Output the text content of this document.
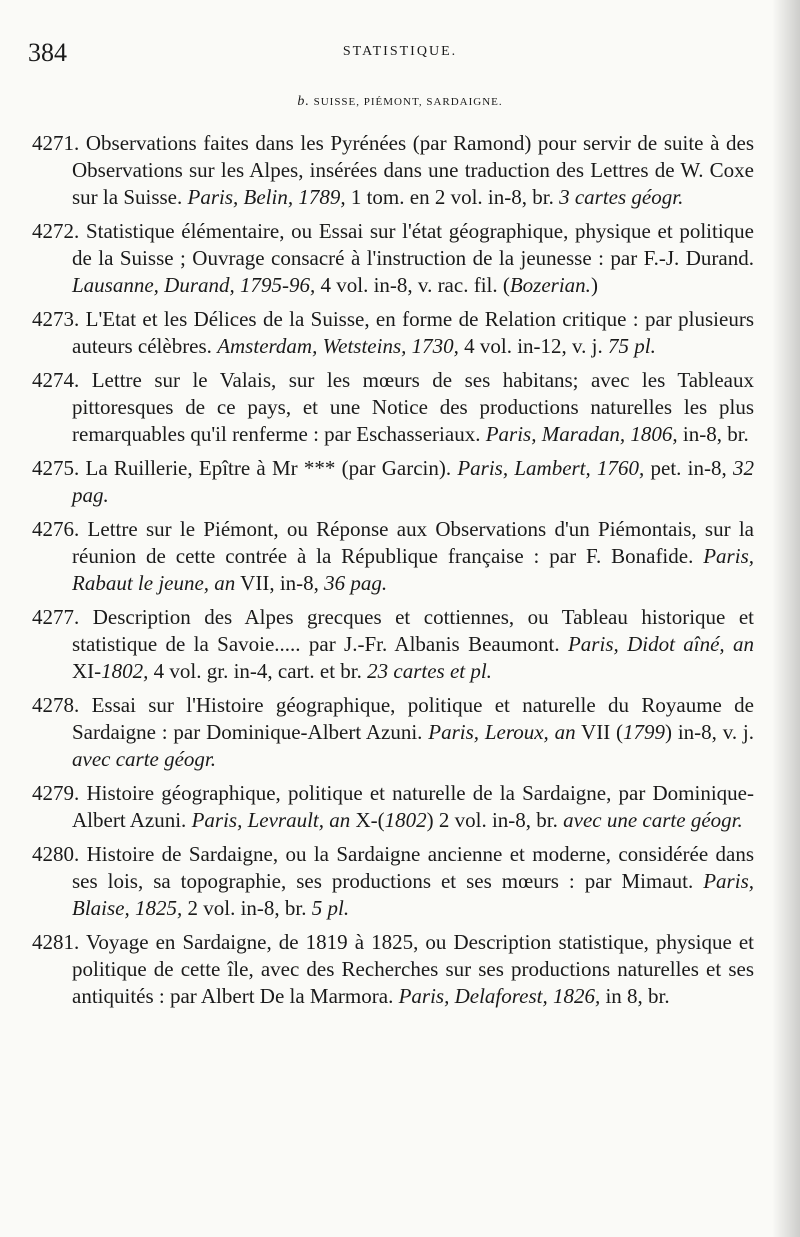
384	STATISTIQUE.
b. SUISSE, PIÉMONT, SARDAIGNE.

4271. Observations faites dans les Pyrénées (par Ramond) pour servir de suite à des Observations sur les Alpes, insérées dans une traduction des Lettres de W. Coxe sur la Suisse. Paris, Belin, 1789, 1 tom. en 2 vol. in-8, br. 3 cartes géogr.

4272. Statistique élémentaire, ou Essai sur l'état géographique, physique et politique de la Suisse ; Ouvrage consacré à l'instruction de la jeunesse : par F.-J. Durand. Lausanne, Durand, 1795-96, 4 vol. in-8, v. rac. fil. (Bozerian.)

4273. L'Etat et les Délices de la Suisse, en forme de Relation critique : par plusieurs auteurs célèbres. Amsterdam, Wetsteins, 1730, 4 vol. in-12, v. j. 75 pl.

4274. Lettre sur le Valais, sur les mœurs de ses habitans; avec les Tableaux pittoresques de ce pays, et une Notice des productions naturelles les plus remarquables qu'il renferme : par Eschasseriaux. Paris, Maradan, 1806, in-8, br.

4275. La Ruillerie, Epître à Mr *** (par Garcin). Paris, Lambert, 1760, pet. in-8, 32 pag.

4276. Lettre sur le Piémont, ou Réponse aux Observations d'un Piémontais, sur la réunion de cette contrée à la République française : par F. Bonafide. Paris, Rabaut le jeune, an VII, in-8, 36 pag.

4277. Description des Alpes grecques et cottiennes, ou Tableau historique et statistique de la Savoie..... par J.-Fr. Albanis Beaumont. Paris, Didot aîné, an XI-1802, 4 vol. gr. in-4, cart. et br. 23 cartes et pl.

4278. Essai sur l'Histoire géographique, politique et naturelle du Royaume de Sardaigne : par Dominique-Albert Azuni. Paris, Leroux, an VII (1799) in-8, v. j. avec carte géogr.

4279. Histoire géographique, politique et naturelle de la Sardaigne, par Dominique-Albert Azuni. Paris, Levrault, an X-(1802) 2 vol. in-8, br. avec une carte géogr.

4280. Histoire de Sardaigne, ou la Sardaigne ancienne et moderne, considérée dans ses lois, sa topographie, ses productions et ses mœurs : par Mimaut. Paris, Blaise, 1825, 2 vol. in-8, br. 5 pl.

4281. Voyage en Sardaigne, de 1819 à 1825, ou Description statistique, physique et politique de cette île, avec des Recherches sur ses productions naturelles et ses antiquités : par Albert De la Marmora. Paris, Delaforest, 1826, in 8, br.
